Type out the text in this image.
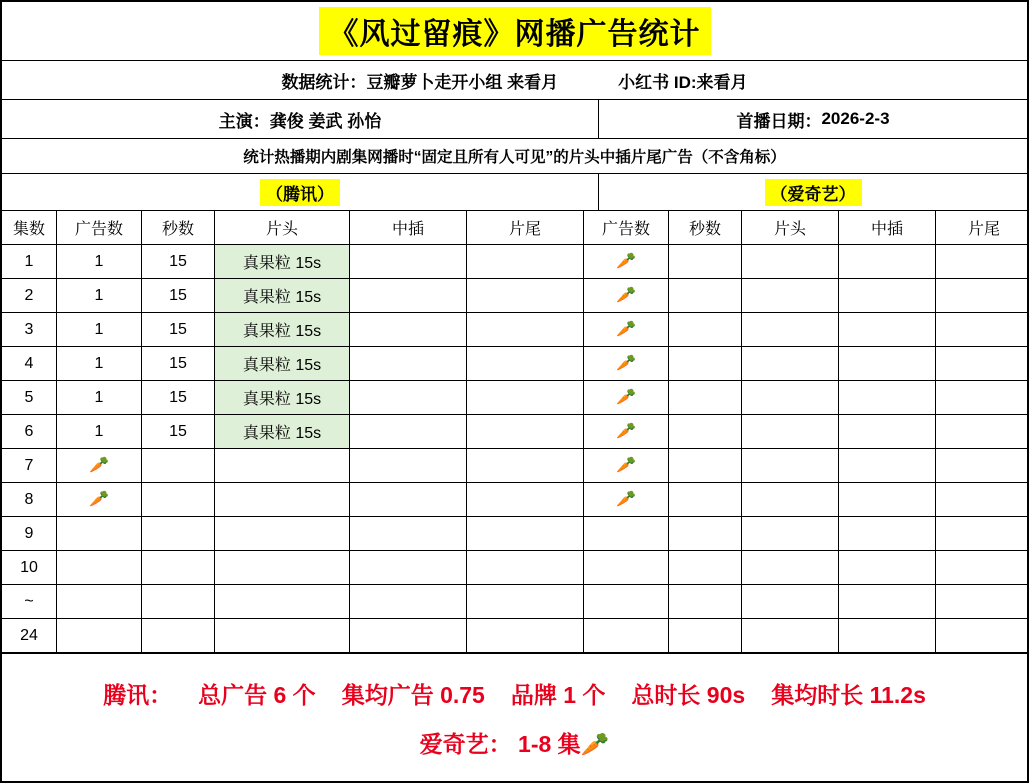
《风过留痕》网播广告统计
数据统计： 豆瓣萝卜走开小组 来看月	小红书 ID:来看月
主演： 龚俊 姜武 孙怡	首播日期： 2026-2-3
统计热播期内剧集网播时“固定且所有人可见”的片头中插片尾广告（不含角标）
（腾讯）	（爱奇艺）
集数	广告数	秒数	片头	中插	片尾	广告数	秒数	片头	中插	片尾
1	1	15	真果粒 15s			🥕				
2	1	15	真果粒 15s			🥕				
3	1	15	真果粒 15s			🥕				
4	1	15	真果粒 15s			🥕				
5	1	15	真果粒 15s			🥕				
6	1	15	真果粒 15s			🥕				
7	🥕					🥕				
8	🥕					🥕				
9										
10										
~										
24										
腾讯： 总广告 6 个 集均广告 0.75 品牌 1 个 总时长 90s 集均时长 11.2s
爱奇艺： 1-8 集🥕
